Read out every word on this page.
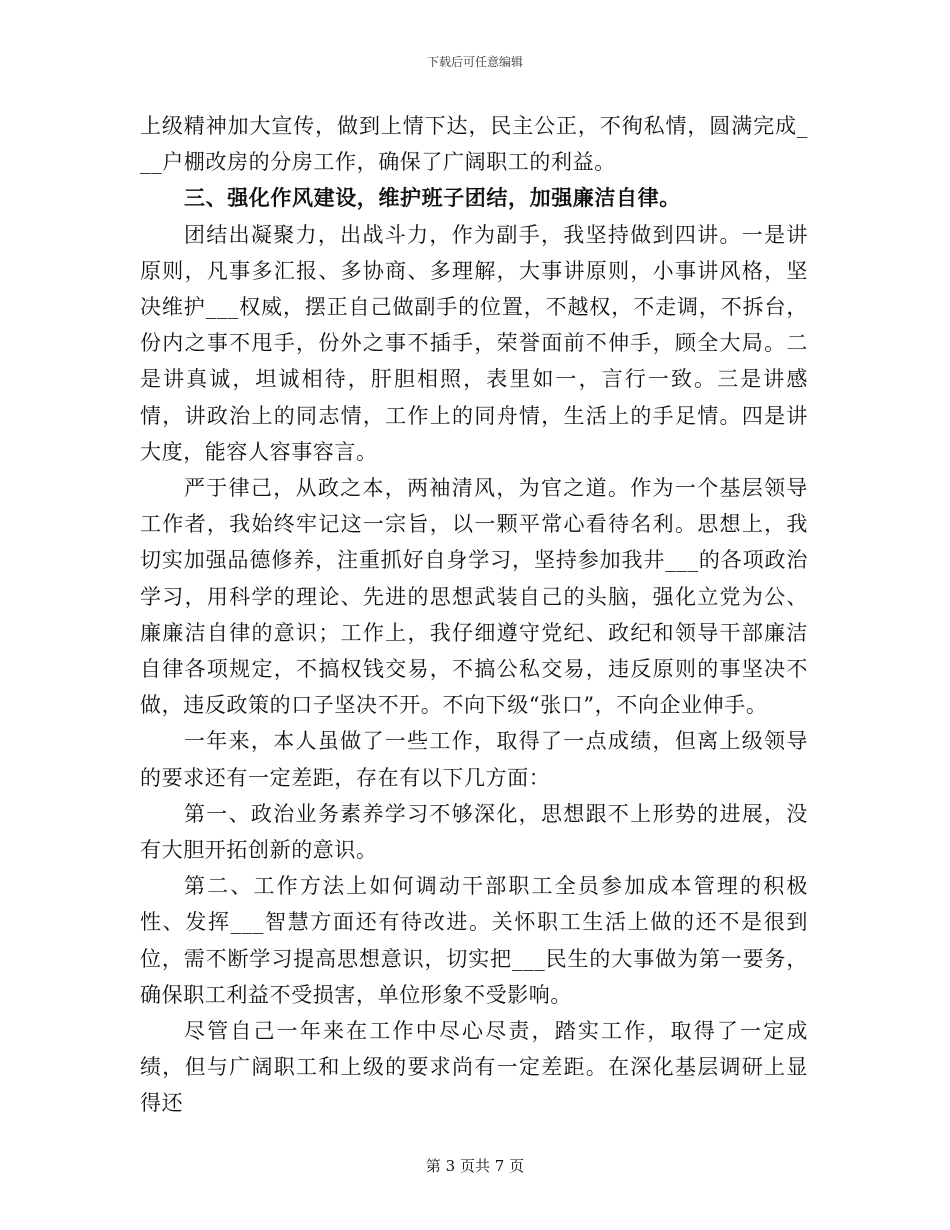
下载后可任意编辑

上级精神加大宣传，做到上情下达，民主公正，不徇私情，圆满完成___户棚改房的分房工作，确保了广阔职工的利益。

三、强化作风建设，维护班子团结，加强廉洁自律。

团结出凝聚力，出战斗力，作为副手，我坚持做到四讲。一是讲原则，凡事多汇报、多协商、多理解，大事讲原则，小事讲风格，坚决维护___权威，摆正自己做副手的位置，不越权，不走调，不拆台，份内之事不甩手，份外之事不插手，荣誉面前不伸手，顾全大局。二是讲真诚，坦诚相待，肝胆相照，表里如一，言行一致。三是讲感情，讲政治上的同志情，工作上的同舟情，生活上的手足情。四是讲大度，能容人容事容言。

严于律己，从政之本，两袖清风，为官之道。作为一个基层领导工作者，我始终牢记这一宗旨，以一颗平常心看待名利。思想上，我切实加强品德修养，注重抓好自身学习，坚持参加我井___的各项政治学习，用科学的理论、先进的思想武装自己的头脑，强化立党为公、廉廉洁自律的意识；工作上，我仔细遵守党纪、政纪和领导干部廉洁自律各项规定，不搞权钱交易，不搞公私交易，违反原则的事坚决不做，违反政策的口子坚决不开。不向下级“张口”，不向企业伸手。

一年来，本人虽做了一些工作，取得了一点成绩，但离上级领导的要求还有一定差距，存在有以下几方面：

第一、政治业务素养学习不够深化，思想跟不上形势的进展，没有大胆开拓创新的意识。

第二、工作方法上如何调动干部职工全员参加成本管理的积极性、发挥___智慧方面还有待改进。关怀职工生活上做的还不是很到位，需不断学习提高思想意识，切实把___民生的大事做为第一要务，确保职工利益不受损害，单位形象不受影响。

尽管自己一年来在工作中尽心尽责，踏实工作，取得了一定成绩，但与广阔职工和上级的要求尚有一定差距。在深化基层调研上显得还

第 3 页共 7 页
